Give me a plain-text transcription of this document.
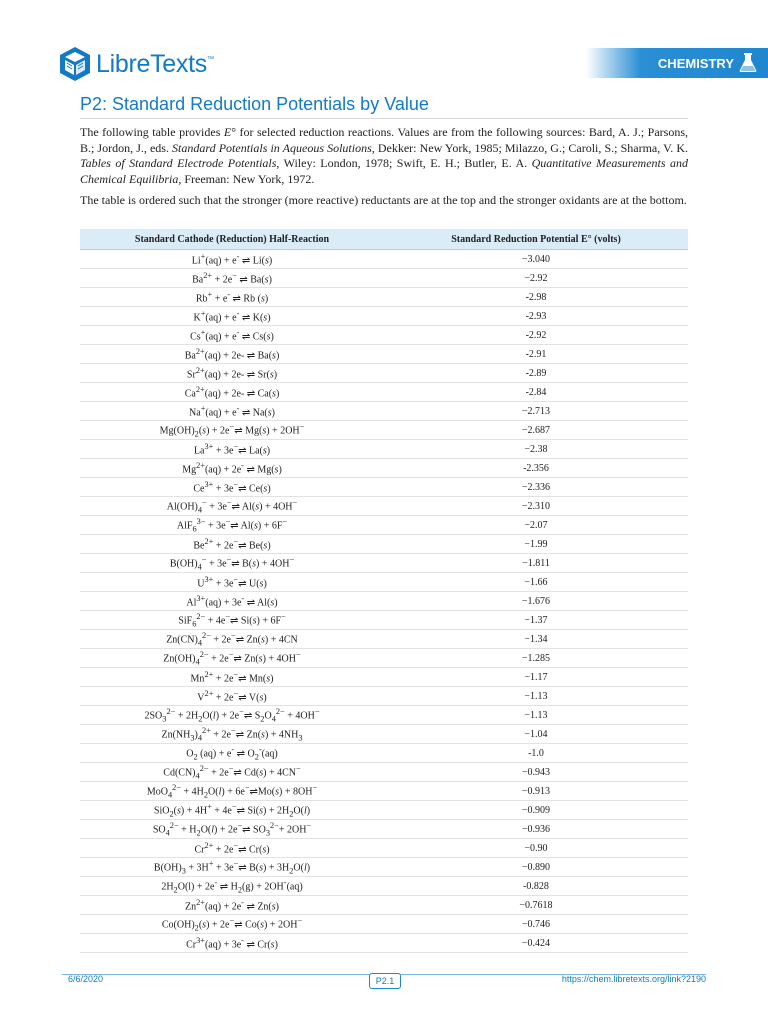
LibreTexts ™	CHEMISTRY
P2: Standard Reduction Potentials by Value

The following table provides E° for selected reduction reactions. Values are from the following sources: Bard, A. J.; Parsons, B.; Jordon, J., eds. Standard Potentials in Aqueous Solutions, Dekker: New York, 1985; Milazzo, G.; Caroli, S.; Sharma, V. K. Tables of Standard Electrode Potentials, Wiley: London, 1978; Swift, E. H.; Butler, E. A. Quantitative Measurements and Chemical Equilibria, Freeman: New York, 1972.

The table is ordered such that the stronger (more reactive) reductants are at the top and the stronger oxidants are at the bottom.

Standard Cathode (Reduction) Half-Reaction	Standard Reduction Potential E° (volts)
Li+(aq) + e- ⇌ Li(s)	−3.040
$Ba^{2+} + 2e^-$ ⇌ Ba(s)	−2.92
Rb+ + e- ⇌ Rb (s)	-2.98
K+(aq) + e- ⇌ K(s)	-2.93
Cs+(aq) + e- ⇌ Cs(s)	-2.92
$Ba^{2+}(aq) + 2e-$ ⇌ Ba(s)	-2.91
$Sr^{2+}(aq) + 2e-$ ⇌ Sr(s)	-2.89
$Ca^{2+}(aq) + 2e-$ ⇌ Ca(s)	-2.84
Na+(aq) + e- ⇌ Na(s)	−2.713
$Mg(OH)_2(s)$ + 2e−⇌ Mg(s) + 2OH−	−2.687
$La^{3+}$ + 3e−⇌ La(s)	−2.38
$Mg^{2+}(aq) + 2e^-$ ⇌ Mg(s)	-2.356
$Ce^{3+}$ + 3e−⇌ Ce(s)	−2.336
$Al(OH)_4^-$ + 3e−⇌ Al(s) + 4OH−	−2.310
AlF$_6^{3-}$ + 3e−⇌ Al(s) + 6F−	−2.07
$Be^{2+}$ + 2e−⇌ Be(s)	−1.99
$B(OH)_4^-$ + 3e−⇌ B(s) + 4OH−	−1.811
$U^{3+}$ + 3e−⇌ U(s)	−1.66
$Al^{3+}(aq) + 3e^-$ ⇌ Al(s)	−1.676
SiF$_6^{2-}$ + 4e−⇌ Si(s) + 6F−	−1.37
$Zn(CN)_4^{2-}$ + 2e−⇌ Zn(s) + 4CN	−1.34
$Zn(OH)_4^{2-}$ + 2e−⇌ Zn(s) + 4OH−	−1.285
$Mn^{2+}$ + 2e−⇌ Mn(s)	−1.17
$V^{2+}$ + 2e−⇌ V(s)	−1.13
$2SO_3^{2-} + 2H_2O(l)$ + 2e−⇌ $S_2O_4^{2-} + 4OH^-$	−1.13
$Zn(NH_3)_4^{2+}$ + 2e−⇌ $Zn(s) + 4NH_3$	−1.04
$O_2$ (aq) + e- ⇌ $O_2^-(aq)$	-1.0
$Cd(CN)_4^{2-}$ + 2e−⇌ Cd(s) + 4CN−	−0.943
$MoO_4^{2-} + 4H_2O(l)$ + 6e−⇌Mo(s) + 8OH−	−0.913
SiO$_2$(s) + 4H+ + 4e−⇌ $Si(s) + 2H_2O(l)$	−0.909
$SO_4^{2-} + H_2O(l)$ + 2e−⇌ $SO_3^{2-}+ 2OH^-$	−0.936
$Cr^{2+}$ + 2e−⇌ Cr(s)	−0.90
$B(OH)_3 + 3H^+$ + 3e−⇌ $B(s) + 3H_2O(l)$	−0.890
$2H_2O(l) + 2e^-$ ⇌ $H_2(g) + 2OH^-(aq)$	-0.828
$Zn^{2+}(aq) + 2e^-$ ⇌ Zn(s)	−0.7618
$Co(OH)_2(s)$ + 2e−⇌ Co(s) + 2OH−	−0.746
$Cr^{3+}(aq) + 3e^-$ ⇌ Cr(s)	−0.424
6/6/2020	P2.1	https://chem.libretexts.org/link?2190
